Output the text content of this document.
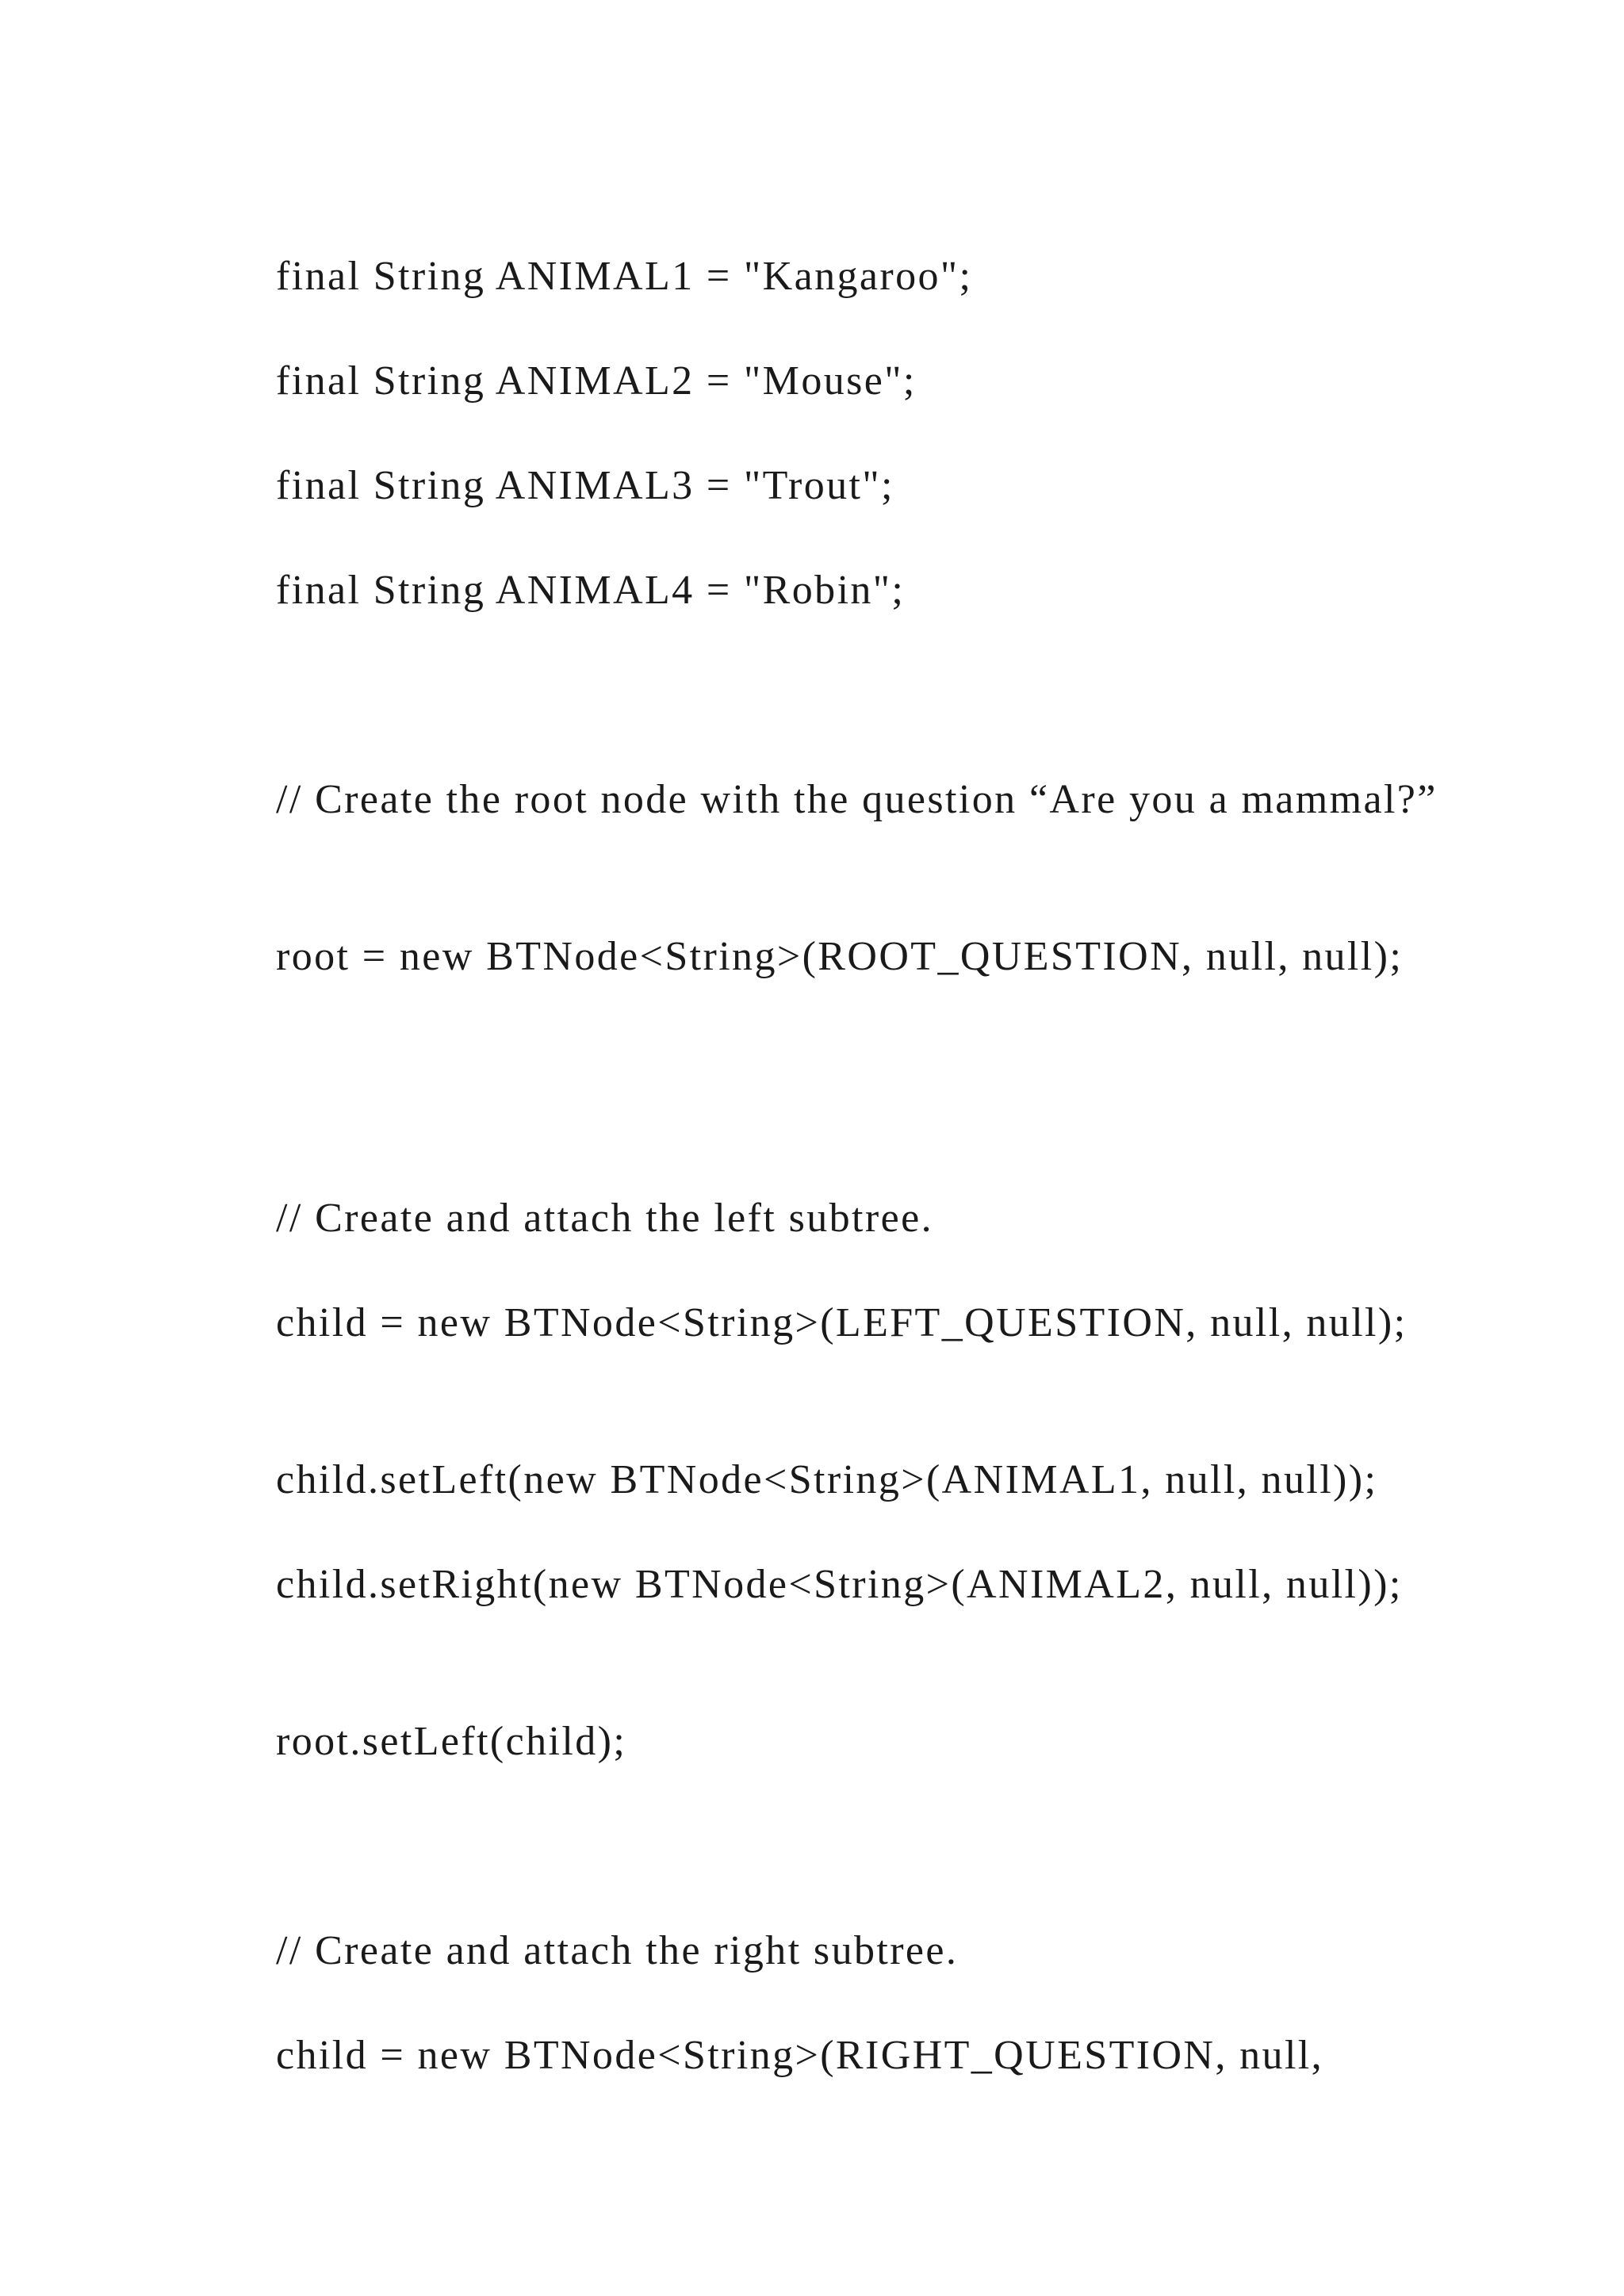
final String ANIMAL1 = "Kangaroo";

final String ANIMAL2 = "Mouse";

final String ANIMAL3 = "Trout";

final String ANIMAL4 = "Robin";

// Create the root node with the question “Are you a mammal?”

root = new BTNode<String>(ROOT_QUESTION, null, null);

// Create and attach the left subtree.

child = new BTNode<String>(LEFT_QUESTION, null, null);

child.setLeft(new BTNode<String>(ANIMAL1, null, null));

child.setRight(new BTNode<String>(ANIMAL2, null, null));

root.setLeft(child);

// Create and attach the right subtree.

child = new BTNode<String>(RIGHT_QUESTION, null,
